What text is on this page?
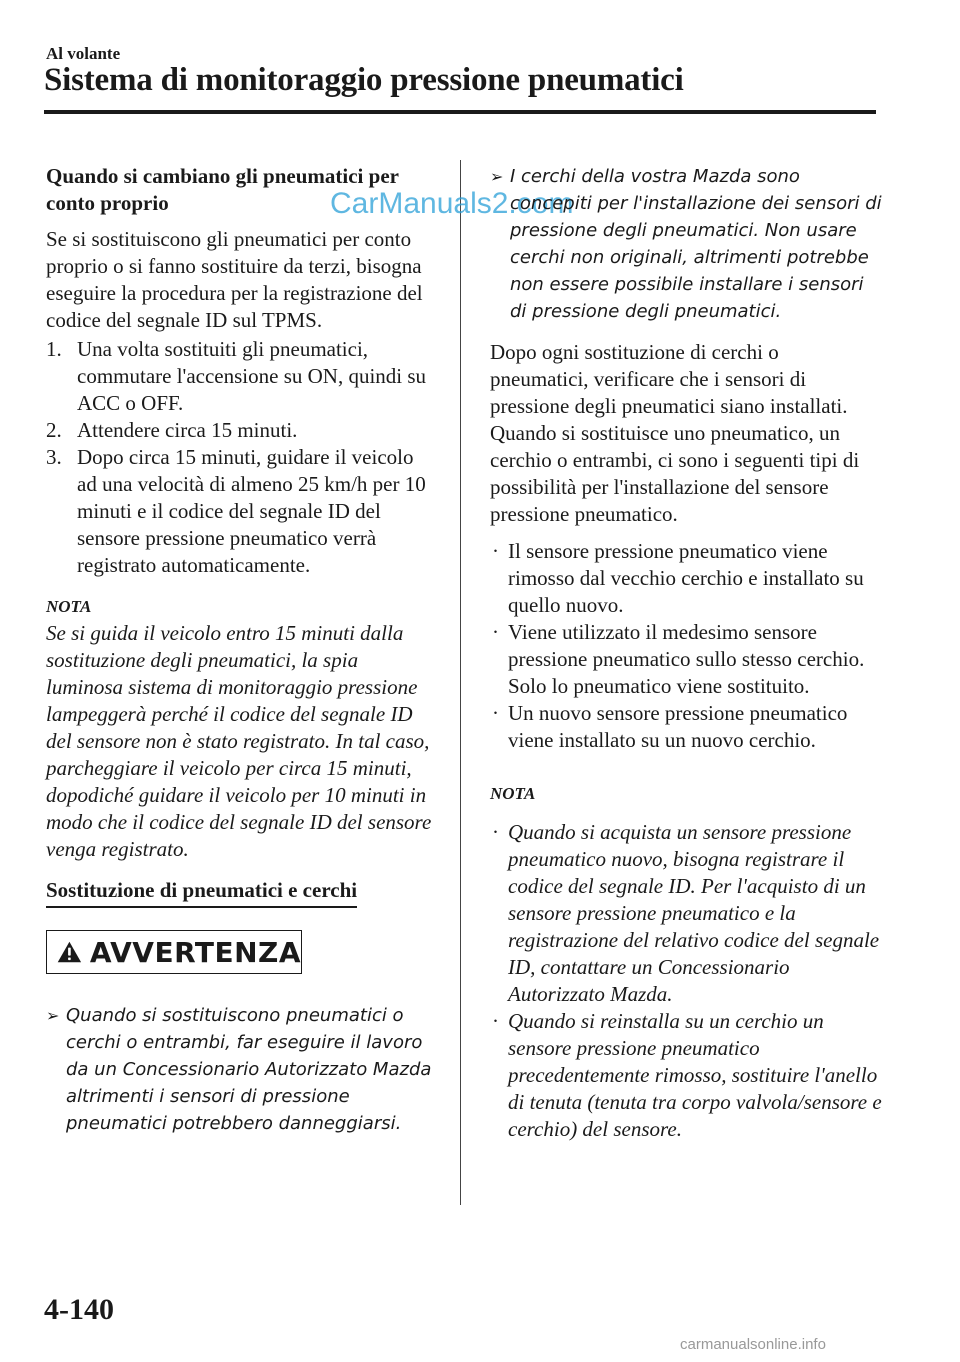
Al volante
Sistema di monitoraggio pressione pneumatici
Quando si cambiano gli pneumatici per conto proprio

Se si sostituiscono gli pneumatici per conto proprio o si fanno sostituire da terzi, bisogna eseguire la procedura per la registrazione del codice del segnale ID sul TPMS.

1. Una volta sostituiti gli pneumatici, commutare l'accensione su ON, quindi su ACC o OFF.
2. Attendere circa 15 minuti.
3. Dopo circa 15 minuti, guidare il veicolo ad una velocità di almeno 25 km/h per 10 minuti e il codice del segnale ID del sensore pressione pneumatico verrà registrato automaticamente.
NOTA

Se si guida il veicolo entro 15 minuti dalla sostituzione degli pneumatici, la spia luminosa sistema di monitoraggio pressione lampeggerà perché il codice del segnale ID del sensore non è stato registrato. In tal caso, parcheggiare il veicolo per circa 15 minuti, dopodiché guidare il veicolo per 10 minuti in modo che il codice del segnale ID del sensore venga registrato.

Sostituzione di pneumatici e cerchi
AVVERTENZA
➢ Quando si sostituiscono pneumatici o cerchi o entrambi, far eseguire il lavoro da un Concessionario Autorizzato Mazda altrimenti i sensori di pressione pneumatici potrebbero danneggiarsi.
CarManuals2.com
➢ I cerchi della vostra Mazda sono concepiti per l'installazione dei sensori di pressione degli pneumatici. Non usare cerchi non originali, altrimenti potrebbe non essere possibile installare i sensori di pressione degli pneumatici.

Dopo ogni sostituzione di cerchi o pneumatici, verificare che i sensori di pressione degli pneumatici siano installati. Quando si sostituisce uno pneumatico, un cerchio o entrambi, ci sono i seguenti tipi di possibilità per l'installazione del sensore pressione pneumatico.

· Il sensore pressione pneumatico viene rimosso dal vecchio cerchio e installato su quello nuovo.
· Viene utilizzato il medesimo sensore pressione pneumatico sullo stesso cerchio. Solo lo pneumatico viene sostituito.
· Un nuovo sensore pressione pneumatico viene installato su un nuovo cerchio.
NOTA
· Quando si acquista un sensore pressione pneumatico nuovo, bisogna registrare il codice del segnale ID. Per l'acquisto di un sensore pressione pneumatico e la registrazione del relativo codice del segnale ID, contattare un Concessionario Autorizzato Mazda.
· Quando si reinstalla su un cerchio un sensore pressione pneumatico precedentemente rimosso, sostituire l'anello di tenuta (tenuta tra corpo valvola/sensore e cerchio) del sensore.
4-140
carmanualsonline.info
